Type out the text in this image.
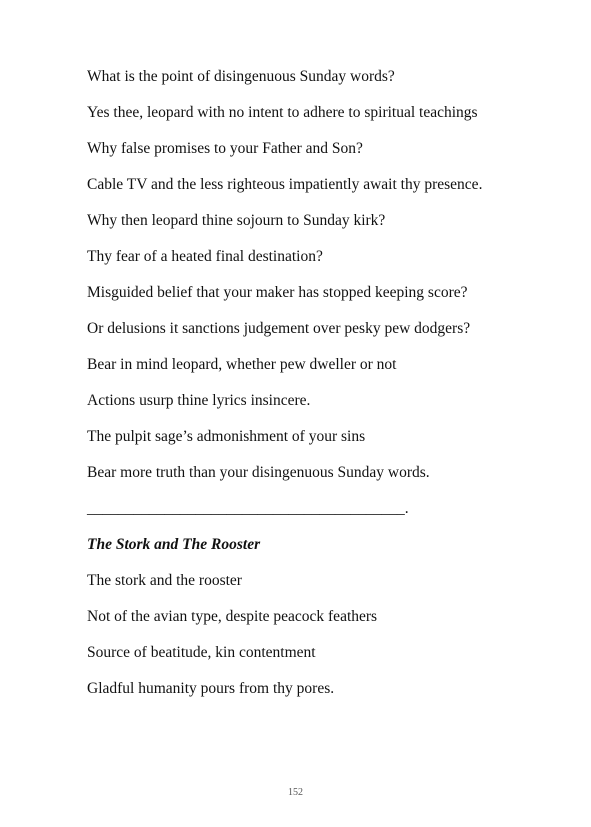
What is the point of disingenuous Sunday words?

Yes thee, leopard with no intent to adhere to spiritual teachings

Why false promises to your Father and Son?

Cable TV and the less righteous impatiently await thy presence.

Why then leopard thine sojourn to Sunday kirk?

Thy fear of a heated final destination?

Misguided belief that your maker has stopped keeping score?

Or delusions it sanctions judgement over pesky pew dodgers?

Bear in mind leopard, whether pew dweller or not

Actions usurp thine lyrics insincere.

The pulpit sage’s admonishment of your sins

Bear more truth than your disingenuous Sunday words.

_________________________________________.
The Stork and The Rooster

The stork and the rooster

Not of the avian type, despite peacock feathers

Source of beatitude, kin contentment

Gladful humanity pours from thy pores.

152
